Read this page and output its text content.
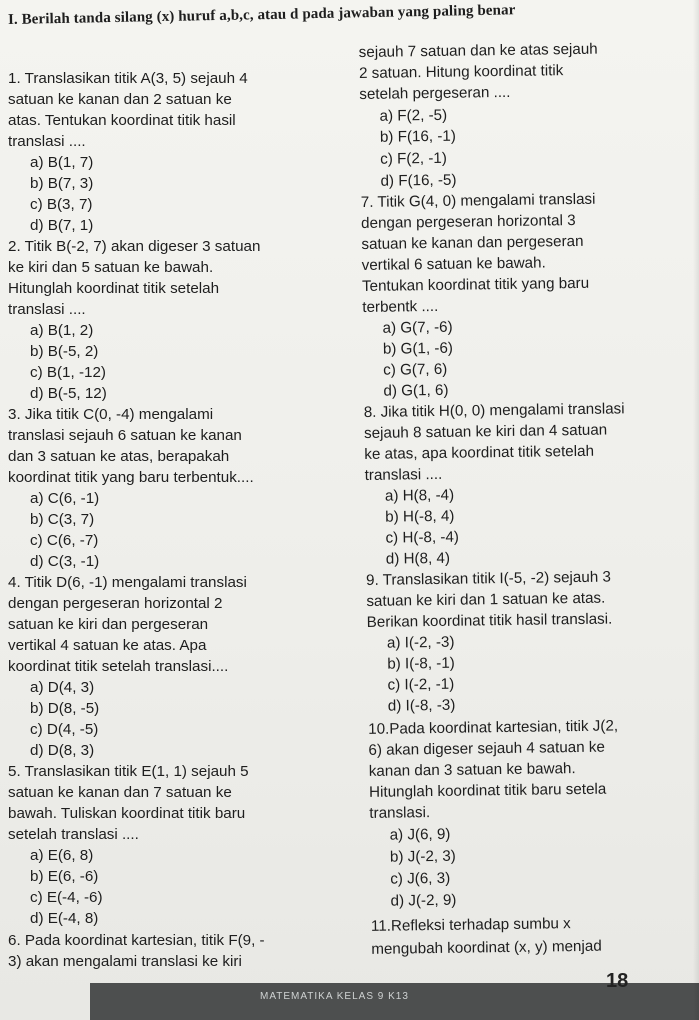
I. Berilah tanda silang (x) huruf a,b,c, atau d pada jawaban yang paling benar
1. Translasikan titik A(3, 5) sejauh 4
satuan ke kanan dan 2 satuan ke
atas. Tentukan koordinat titik hasil
translasi ....
a) B(1, 7)
b) B(7, 3)
c) B(3, 7)
d) B(7, 1)
2. Titik B(-2, 7) akan digeser 3 satuan
ke kiri dan 5 satuan ke bawah.
Hitunglah koordinat titik setelah
translasi ....
a) B(1, 2)
b) B(-5, 2)
c) B(1, -12)
d) B(-5, 12)
3. Jika titik C(0, -4) mengalami
translasi sejauh 6 satuan ke kanan
dan 3 satuan ke atas, berapakah
koordinat titik yang baru terbentuk....
a) C(6, -1)
b) C(3, 7)
c) C(6, -7)
d) C(3, -1)
4. Titik D(6, -1) mengalami translasi
dengan pergeseran horizontal 2
satuan ke kiri dan pergeseran
vertikal 4 satuan ke atas. Apa
koordinat titik setelah translasi....
a) D(4, 3)
b) D(8, -5)
c) D(4, -5)
d) D(8, 3)
5. Translasikan titik E(1, 1) sejauh 5
satuan ke kanan dan 7 satuan ke
bawah. Tuliskan koordinat titik baru
setelah translasi ....
a) E(6, 8)
b) E(6, -6)
c) E(-4, -6)
d) E(-4, 8)
6. Pada koordinat kartesian, titik F(9, -
3) akan mengalami translasi ke kiri
sejauh 7 satuan dan ke atas sejauh
2 satuan. Hitung koordinat titik
setelah pergeseran ....
a) F(2, -5)
b) F(16, -1)
c) F(2, -1)
d) F(16, -5)
7. Titik G(4, 0) mengalami translasi
dengan pergeseran horizontal 3
satuan ke kanan dan pergeseran
vertikal 6 satuan ke bawah.
Tentukan koordinat titik yang baru
terbentk ....
a) G(7, -6)
b) G(1, -6)
c) G(7, 6)
d) G(1, 6)
8. Jika titik H(0, 0) mengalami translasi
sejauh 8 satuan ke kiri dan 4 satuan
ke atas, apa koordinat titik setelah
translasi ....
a) H(8, -4)
b) H(-8, 4)
c) H(-8, -4)
d) H(8, 4)
9. Translasikan titik I(-5, -2) sejauh 3
satuan ke kiri dan 1 satuan ke atas.
Berikan koordinat titik hasil translasi.
a) I(-2, -3)
b) I(-8, -1)
c) I(-2, -1)
d) I(-8, -3)
10.Pada koordinat kartesian, titik J(2,
6) akan digeser sejauh 4 satuan ke
kanan dan 3 satuan ke bawah.
Hitunglah koordinat titik baru setela
translasi.
a) J(6, 9)
b) J(-2, 3)
c) J(6, 3)
d) J(-2, 9)
11.Refleksi terhadap sumbu x
mengubah koordinat (x, y) menjad
MATEMATIKA KELAS 9 K13
18
